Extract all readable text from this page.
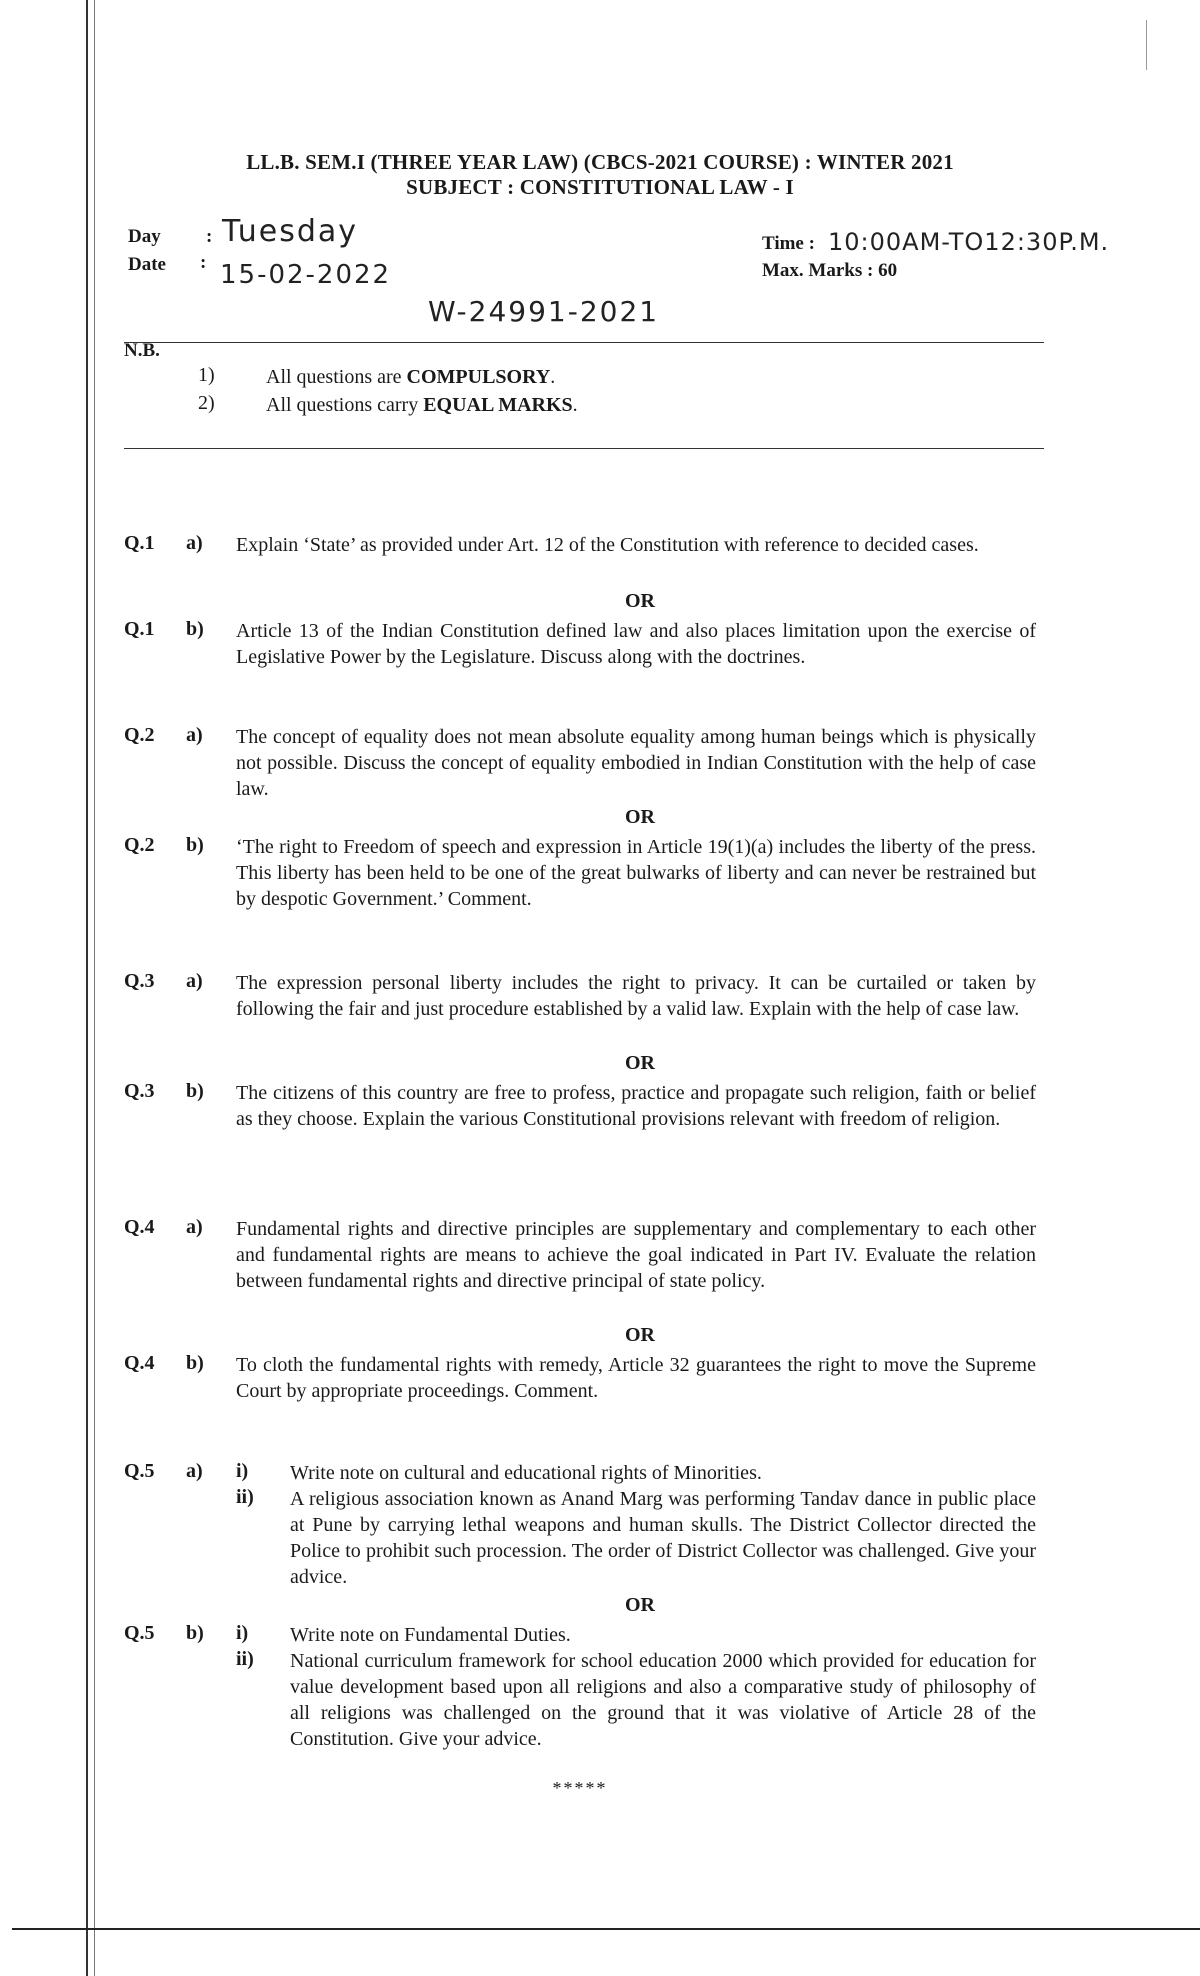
LL.B. SEM.I (THREE YEAR LAW) (CBCS-2021 COURSE) : WINTER 2021
SUBJECT : CONSTITUTIONAL LAW - I
Day : Tuesday
Date : 15-02-2022
Time : 10:00AM-TO12:30P.M.
Max. Marks : 60
W-24991-2021
N.B.
1)	All questions are COMPULSORY.
2)	All questions carry EQUAL MARKS.
Q.1 a) Explain ‘State’ as provided under Art. 12 of the Constitution with reference to decided cases.
OR
Q.1 b) Article 13 of the Indian Constitution defined law and also places limitation upon the exercise of Legislative Power by the Legislature. Discuss along with the doctrines.
Q.2 a) The concept of equality does not mean absolute equality among human beings which is physically not possible. Discuss the concept of equality embodied in Indian Constitution with the help of case law.
OR
Q.2 b) ‘The right to Freedom of speech and expression in Article 19(1)(a) includes the liberty of the press. This liberty has been held to be one of the great bulwarks of liberty and can never be restrained but by despotic Government.’ Comment.
Q.3 a) The expression personal liberty includes the right to privacy. It can be curtailed or taken by following the fair and just procedure established by a valid law. Explain with the help of case law.
OR
Q.3 b) The citizens of this country are free to profess, practice and propagate such religion, faith or belief as they choose. Explain the various Constitutional provisions relevant with freedom of religion.
Q.4 a) Fundamental rights and directive principles are supplementary and complementary to each other and fundamental rights are means to achieve the goal indicated in Part IV. Evaluate the relation between fundamental rights and directive principal of state policy.
OR
Q.4 b) To cloth the fundamental rights with remedy, Article 32 guarantees the right to move the Supreme Court by appropriate proceedings. Comment.
Q.5 a) i) Write note on cultural and educational rights of Minorities.
ii) A religious association known as Anand Marg was performing Tandav dance in public place at Pune by carrying lethal weapons and human skulls. The District Collector directed the Police to prohibit such procession. The order of District Collector was challenged. Give your advice.
OR
Q.5 b) i) Write note on Fundamental Duties.
ii) National curriculum framework for school education 2000 which provided for education for value development based upon all religions and also a comparative study of philosophy of all religions was challenged on the ground that it was violative of Article 28 of the Constitution. Give your advice.
*****
